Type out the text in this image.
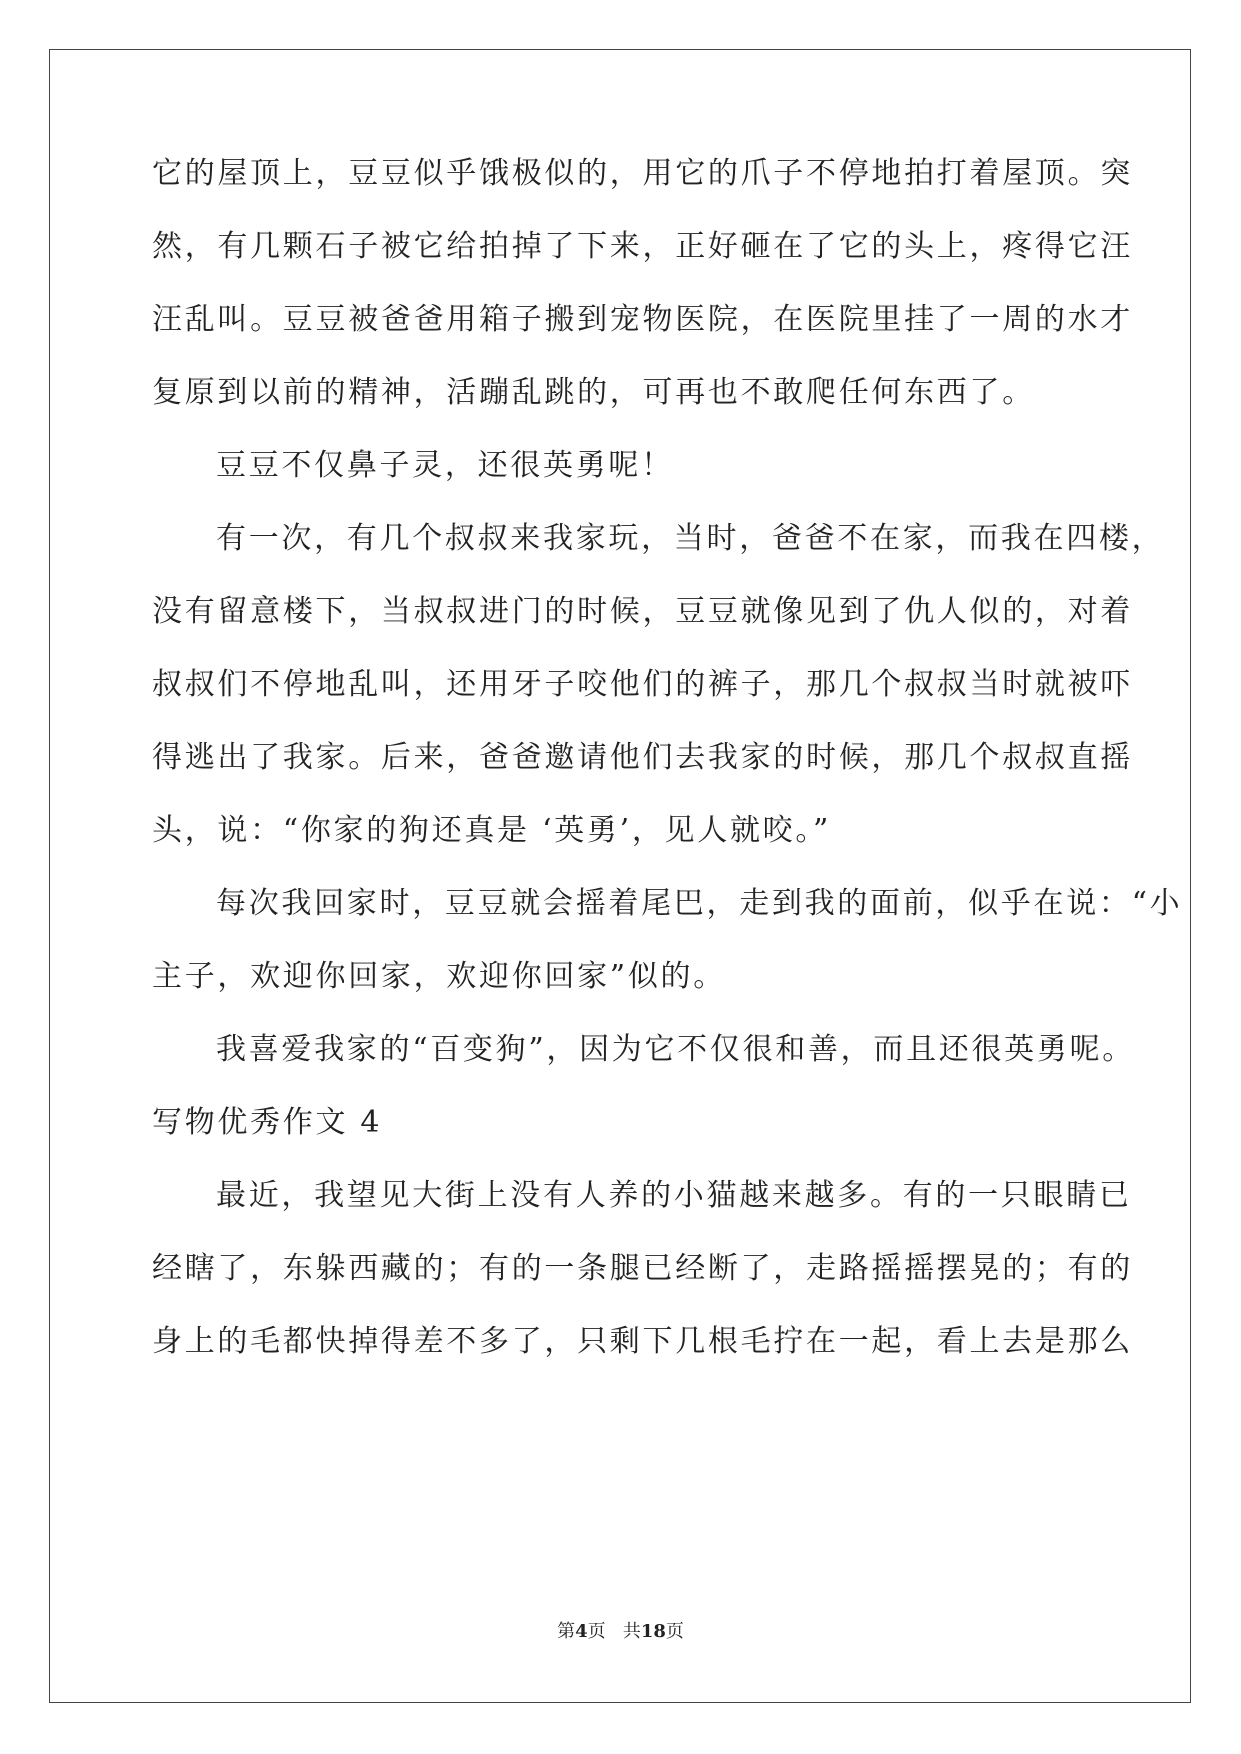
它的屋顶上，豆豆似乎饿极似的，用它的爪子不停地拍打着屋顶。突
然，有几颗石子被它给拍掉了下来，正好砸在了它的头上，疼得它汪
汪乱叫。豆豆被爸爸用箱子搬到宠物医院，在医院里挂了一周的水才
复原到以前的精神，活蹦乱跳的，可再也不敢爬任何东西了。
豆豆不仅鼻子灵，还很英勇呢！
有一次，有几个叔叔来我家玩，当时，爸爸不在家，而我在四楼，
没有留意楼下，当叔叔进门的时候，豆豆就像见到了仇人似的，对着
叔叔们不停地乱叫，还用牙子咬他们的裤子，那几个叔叔当时就被吓
得逃出了我家。后来，爸爸邀请他们去我家的时候，那几个叔叔直摇
头，说：“你家的狗还真是 ‘英勇’，见人就咬。”
每次我回家时，豆豆就会摇着尾巴，走到我的面前，似乎在说：“小
主子，欢迎你回家，欢迎你回家”似的。
我喜爱我家的“百变狗”，因为它不仅很和善，而且还很英勇呢。
写物优秀作文 4
最近，我望见大街上没有人养的小猫越来越多。有的一只眼睛已
经瞎了，东躲西藏的；有的一条腿已经断了，走路摇摇摆晃的；有的
身上的毛都快掉得差不多了，只剩下几根毛拧在一起，看上去是那么
第4页 共18页
